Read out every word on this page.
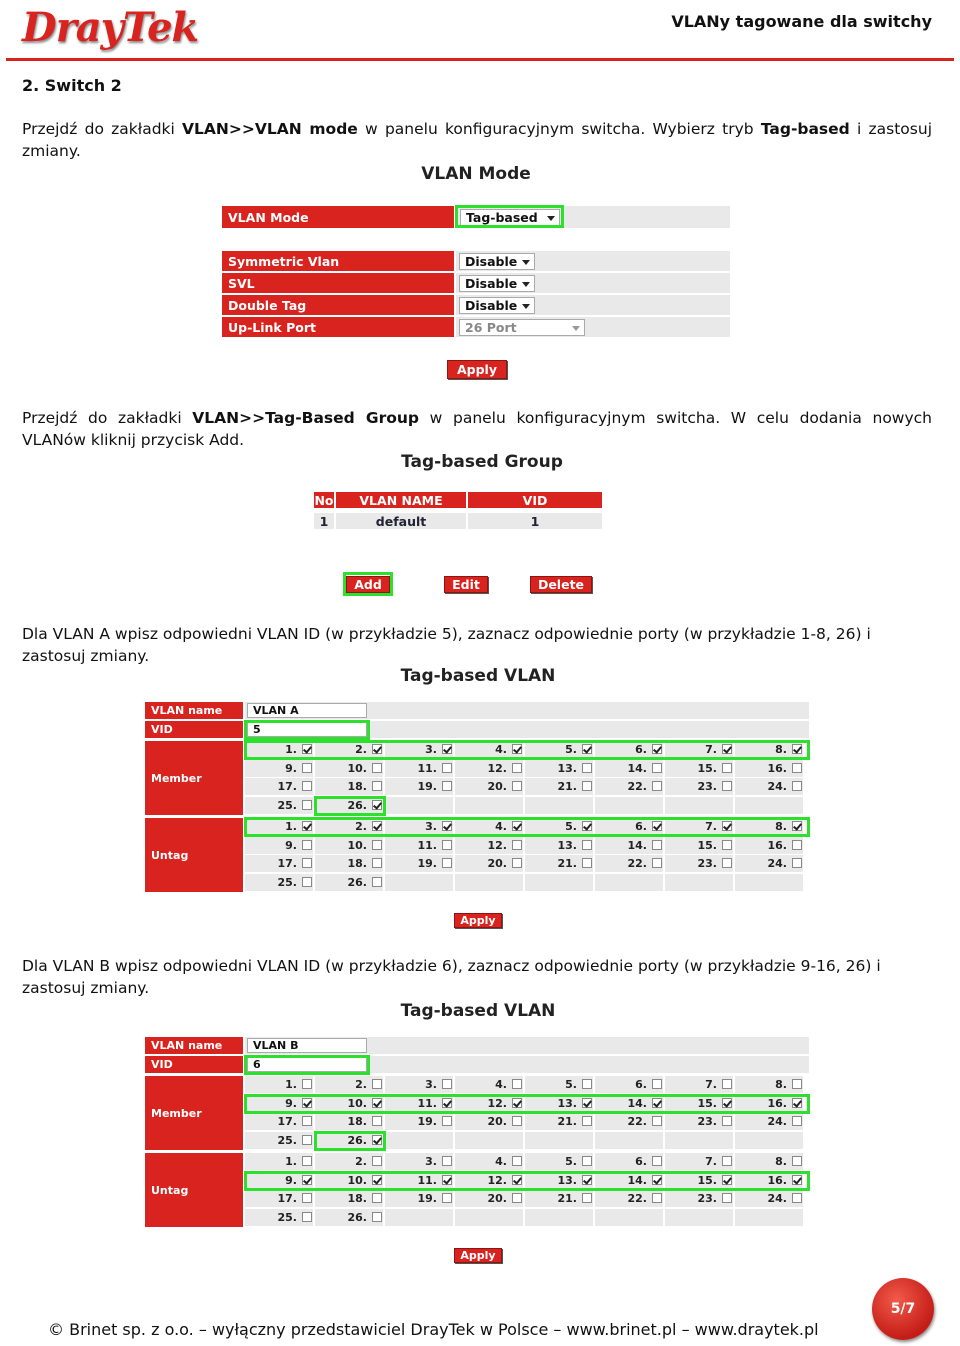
DrayTek	VLANy tagowane dla switchy
2. Switch 2
Przejdź do zakładki VLAN>>VLAN mode w panelu konfiguracyjnym switcha. Wybierz tryb Tag-based i zastosuj zmiany.
VLAN Mode
VLAN Mode	Tag-based
Symmetric Vlan	Disable
SVL	Disable
Double Tag	Disable
Up-Link Port	26 Port
Apply
Przejdź do zakładki VLAN>>Tag-Based Group w panelu konfiguracyjnym switcha. W celu dodania nowych VLANów kliknij przycisk Add.
Tag-based Group
No	VLAN NAME	VID
1	default	1
Add	Edit	Delete
Dla VLAN A wpisz odpowiedni VLAN ID (w przykładzie 5), zaznacz odpowiednie porty (w przykładzie 1-8, 26) i zastosuj zmiany.
Tag-based VLAN
VLAN name	VLAN A
VID	5
Member
1.	2.	3.	4.	5.	6.	7.	8.
9.	10.	11.	12.	13.	14.	15.	16.
17.	18.	19.	20.	21.	22.	23.	24.
25.	26.
Untag
1.	2.	3.	4.	5.	6.	7.	8.
9.	10.	11.	12.	13.	14.	15.	16.
17.	18.	19.	20.	21.	22.	23.	24.
25.	26.
Apply
Dla VLAN B wpisz odpowiedni VLAN ID (w przykładzie 6), zaznacz odpowiednie porty (w przykładzie 9-16, 26) i zastosuj zmiany.
Tag-based VLAN
VLAN name	VLAN B
VID	6
Member
1.	2.	3.	4.	5.	6.	7.	8.
9.	10.	11.	12.	13.	14.	15.	16.
17.	18.	19.	20.	21.	22.	23.	24.
25.	26.
Untag
1.	2.	3.	4.	5.	6.	7.	8.
9.	10.	11.	12.	13.	14.	15.	16.
17.	18.	19.	20.	21.	22.	23.	24.
25.	26.
Apply
© Brinet sp. z o.o. – wyłączny przedstawiciel DrayTek w Polsce – www.brinet.pl – www.draytek.pl
5/7
